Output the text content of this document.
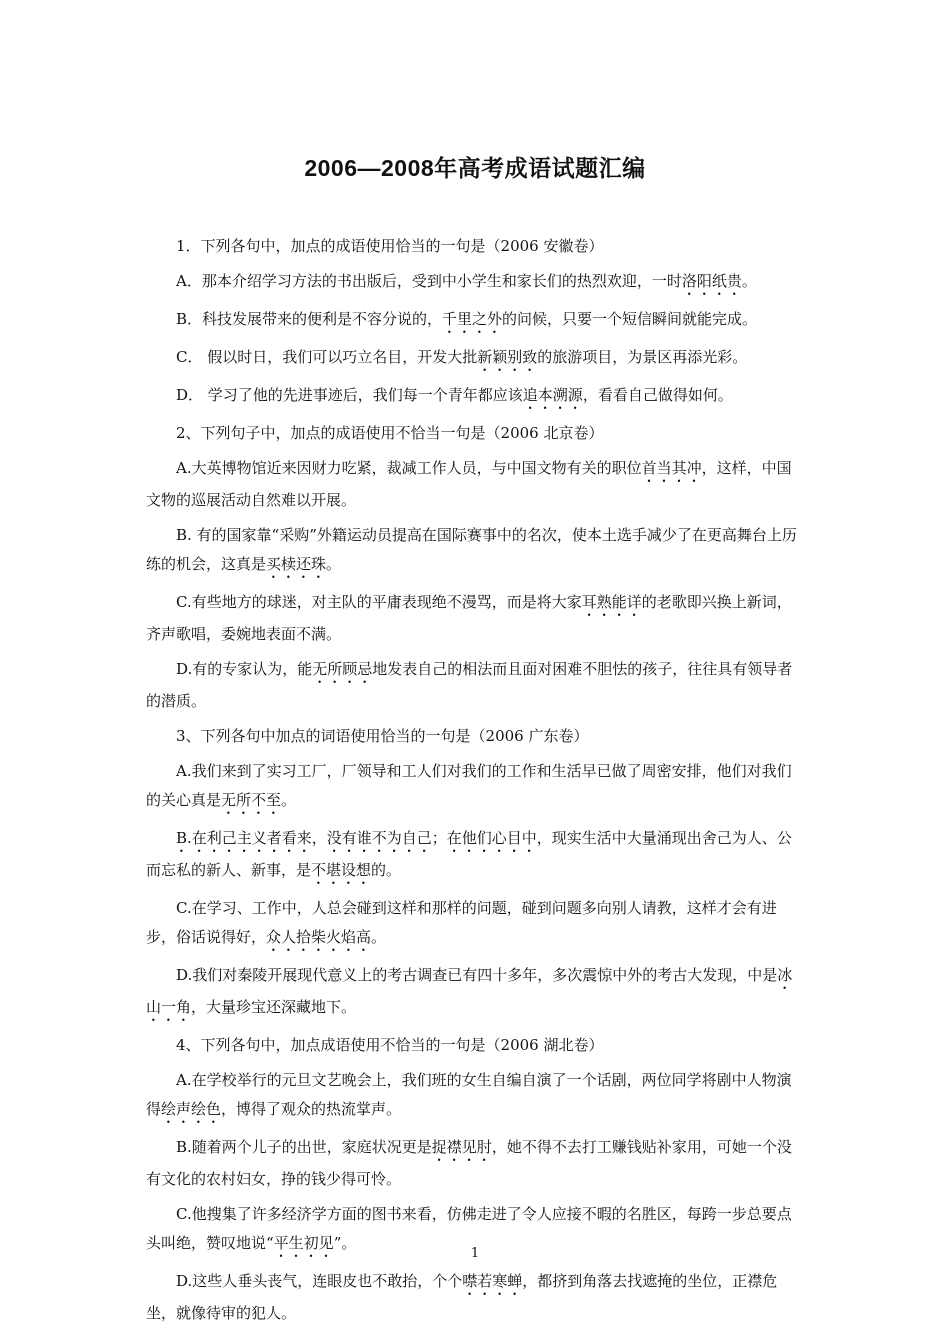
2006—2008年高考成语试题汇编

1．下列各句中，加点的成语使用恰当的一句是（2006 安徽卷）

A．那本介绍学习方法的书出版后，受到中小学生和家长们的热烈欢迎，一时洛阳纸贵。

B．科技发展带来的便利是不容分说的，千里之外的问候，只要一个短信瞬间就能完成。

C． 假以时日，我们可以巧立名目，开发大批新颖别致的旅游项目，为景区再添光彩。

D． 学习了他的先进事迹后，我们每一个青年都应该追本溯源，看看自己做得如何。

2、下列句子中，加点的成语使用不恰当一句是（2006 北京卷）

A.大英博物馆近来因财力吃紧，裁减工作人员，与中国文物有关的职位首当其冲，这样，中国文物的巡展活动自然难以开展。

B. 有的国家靠“采购”外籍运动员提高在国际赛事中的名次，使本土选手减少了在更高舞台上历练的机会，这真是买椟还珠。

C.有些地方的球迷，对主队的平庸表现绝不漫骂，而是将大家耳熟能详的老歌即兴换上新词，齐声歌唱，委婉地表面不满。

D.有的专家认为，能无所顾忌地发表自己的相法而且面对困难不胆怯的孩子，往往具有领导者的潜质。

3、下列各句中加点的词语使用恰当的一句是（2006 广东卷）

A.我们来到了实习工厂，厂领导和工人们对我们的工作和生活早已做了周密安排，他们对我们的关心真是无所不至。

B.在利己主义者看来，没有谁不为自己；在他们心目中，现实生活中大量涌现出舍己为人、公而忘私的新人、新事，是不堪设想的。

C.在学习、工作中，人总会碰到这样和那样的问题，碰到问题多向别人请教，这样才会有进步，俗话说得好，众人拾柴火焰高。

D.我们对秦陵开展现代意义上的考古调查已有四十多年，多次震惊中外的考古大发现，中是冰山一角，大量珍宝还深藏地下。

4、下列各句中，加点成语使用不恰当的一句是（2006 湖北卷）

A.在学校举行的元旦文艺晚会上，我们班的女生自编自演了一个话剧，两位同学将剧中人物演得绘声绘色，博得了观众的热流掌声。

B.随着两个儿子的出世，家庭状况更是捉襟见肘，她不得不去打工赚钱贴补家用，可她一个没有文化的农村妇女，挣的钱少得可怜。

C.他搜集了许多经济学方面的图书来看，仿佛走进了令人应接不暇的名胜区，每跨一步总要点头叫绝，赞叹地说“平生初见”。

D.这些人垂头丧气，连眼皮也不敢抬，个个噤若寒蝉，都挤到角落去找遮掩的坐位，正襟危坐，就像待审的犯人。

1
